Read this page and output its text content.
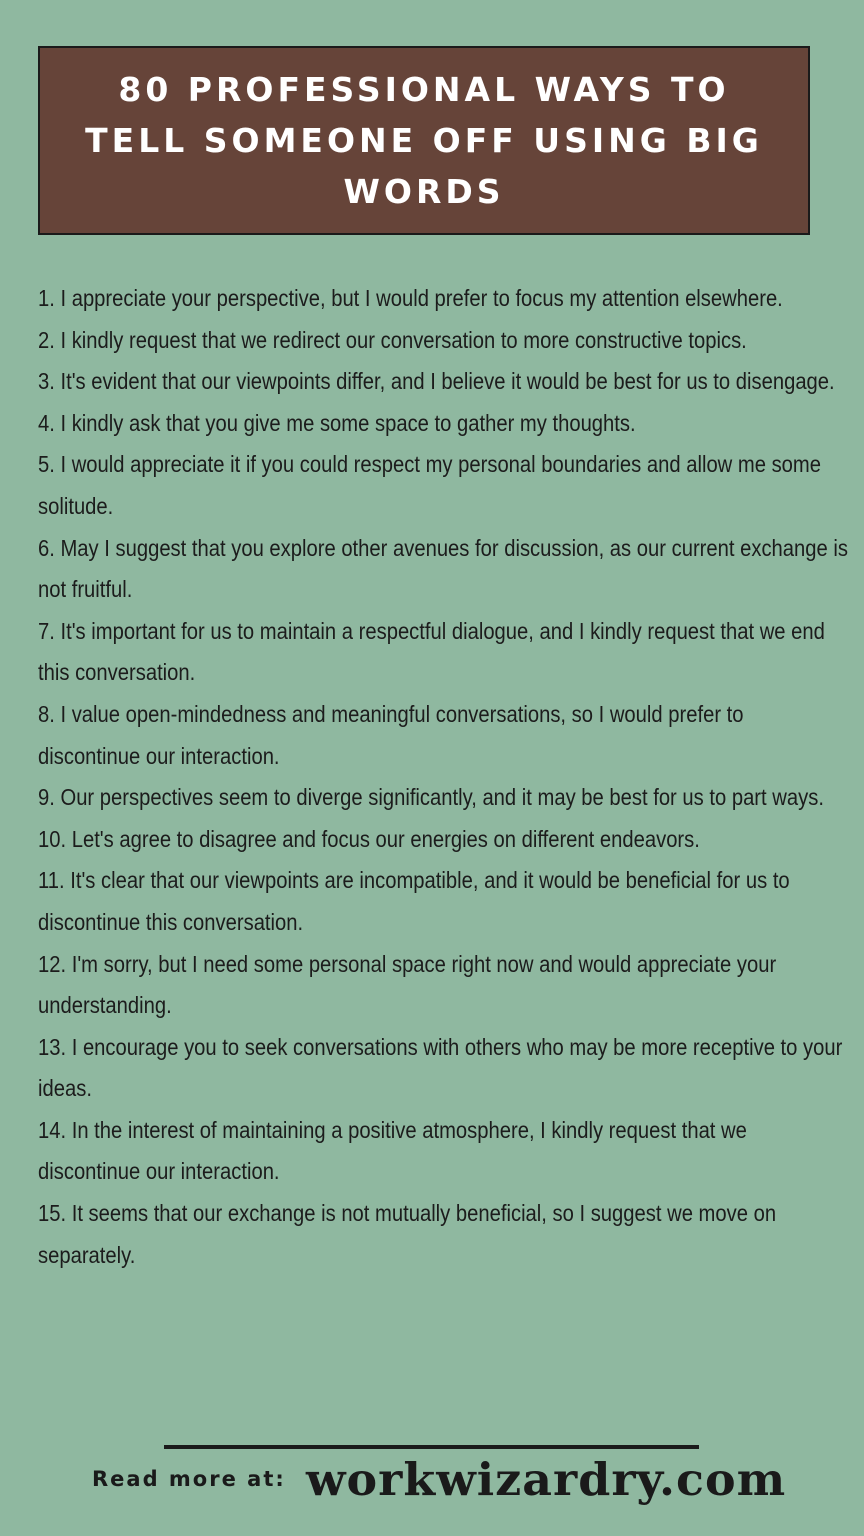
80 PROFESSIONAL WAYS TO TELL SOMEONE OFF USING BIG WORDS
1. I appreciate your perspective, but I would prefer to focus my attention elsewhere.
2. I kindly request that we redirect our conversation to more constructive topics.
3. It's evident that our viewpoints differ, and I believe it would be best for us to disengage.
4. I kindly ask that you give me some space to gather my thoughts.
5. I would appreciate it if you could respect my personal boundaries and allow me some solitude.
6. May I suggest that you explore other avenues for discussion, as our current exchange is not fruitful.
7. It's important for us to maintain a respectful dialogue, and I kindly request that we end this conversation.
8. I value open-mindedness and meaningful conversations, so I would prefer to discontinue our interaction.
9. Our perspectives seem to diverge significantly, and it may be best for us to part ways.
10. Let's agree to disagree and focus our energies on different endeavors.
11. It's clear that our viewpoints are incompatible, and it would be beneficial for us to discontinue this conversation.
12. I'm sorry, but I need some personal space right now and would appreciate your understanding.
13. I encourage you to seek conversations with others who may be more receptive to your ideas.
14. In the interest of maintaining a positive atmosphere, I kindly request that we discontinue our interaction.
15. It seems that our exchange is not mutually beneficial, so I suggest we move on separately.
Read more at: workwizardry.com
